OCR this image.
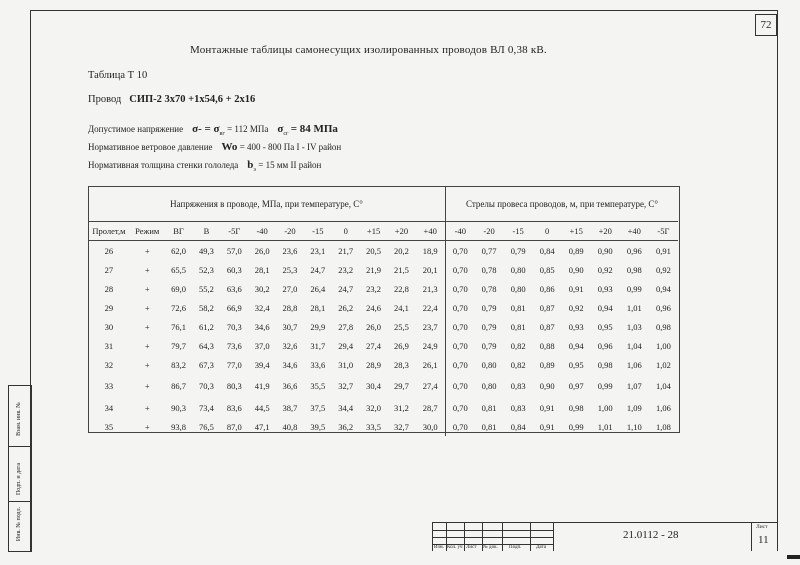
72
Монтажные таблицы самонесущих изолированных проводов ВЛ 0,38 кВ.
Таблица Т 10
Провод СИП-2 3x70 +1x54,6 + 2x16
Допустимое напряжение $\sigma- = \sigma_{вг} = 112$ МПа $\sigma_{сг} = 84$ МПа
Нормативное ветровое давление Wo = 400 - 800 Па I - IV район
Нормативная толщина стенки гололеда $b_э = 15$ мм II район
Напряжения в проводе, МПа, при температуре, С°												Стрелы провеса проводов, м, при температуре, С°							
Пролет,м	Режим	ВГ	В	-5Г	-40	-20	-15	0	+15	+20	+40	-40	-20	-15	0	+15	+20	+40	-5Г
26	+	62,0	49,3	57,0	26,0	23,6	23,1	21,7	20,5	20,2	18,9	0,70	0,77	0,79	0,84	0,89	0,90	0,96	0,91
27	+	65,5	52,3	60,3	28,1	25,3	24,7	23,2	21,9	21,5	20,1	0,70	0,78	0,80	0,85	0,90	0,92	0,98	0,92
28	+	69,0	55,2	63,6	30,2	27,0	26,4	24,7	23,2	22,8	21,3	0,70	0,78	0,80	0,86	0,91	0,93	0,99	0,94
29	+	72,6	58,2	66,9	32,4	28,8	28,1	26,2	24,6	24,1	22,4	0,70	0,79	0,81	0,87	0,92	0,94	1,01	0,96
30	+	76,1	61,2	70,3	34,6	30,7	29,9	27,8	26,0	25,5	23,7	0,70	0,79	0,81	0,87	0,93	0,95	1,03	0,98
31	+	79,7	64,3	73,6	37,0	32,6	31,7	29,4	27,4	26,9	24,9	0,70	0,79	0,82	0,88	0,94	0,96	1,04	1,00
32	+	83,2	67,3	77,0	39,4	34,6	33,6	31,0	28,9	28,3	26,1	0,70	0,80	0,82	0,89	0,95	0,98	1,06	1,02
33	+	86,7	70,3	80,3	41,9	36,6	35,5	32,7	30,4	29,7	27,4	0,70	0,80	0,83	0,90	0,97	0,99	1,07	1,04
34	+	90,3	73,4	83,6	44,5	38,7	37,5	34,4	32,0	31,2	28,7	0,70	0,81	0,83	0,91	0,98	1,00	1,09	1,06
35	+	93,8	76,5	87,0	47,1	40,8	39,5	36,2	33,5	32,7	30,0	0,70	0,81	0,84	0,91	0,99	1,01	1,10	1,08
Взам. инв. №
Подп. и дата
Инв. № подл.
Изм. Кол. уч Лист № док. Подп.	Дата
21.0112 - 28
Лист
11
